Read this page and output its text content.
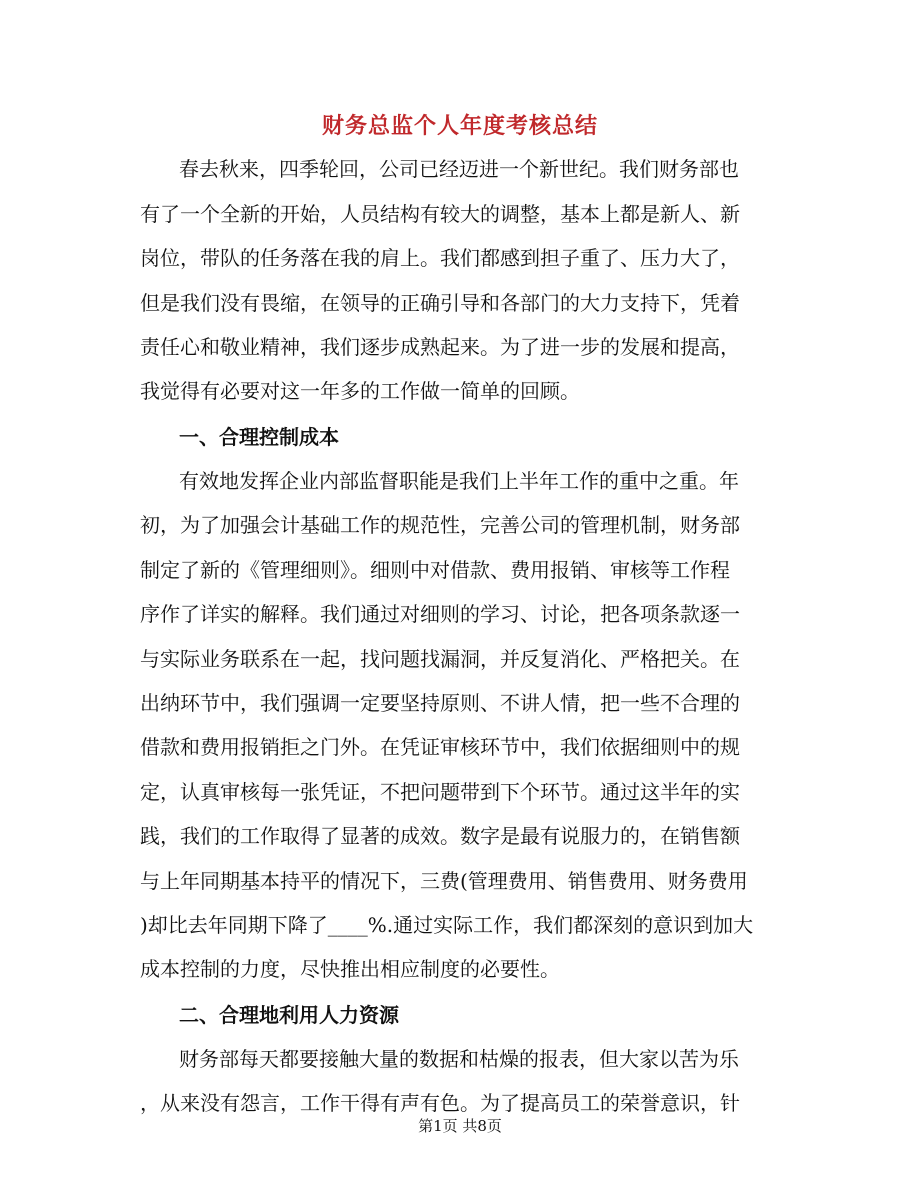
财务总监个人年度考核总结
春去秋来，四季轮回，公司已经迈进一个新世纪。我们财务部也
有了一个全新的开始，人员结构有较大的调整，基本上都是新人、新
岗位，带队的任务落在我的肩上。我们都感到担子重了、压力大了，
但是我们没有畏缩，在领导的正确引导和各部门的大力支持下，凭着
责任心和敬业精神，我们逐步成熟起来。为了进一步的发展和提高，
我觉得有必要对这一年多的工作做一简单的回顾。
一、合理控制成本
有效地发挥企业内部监督职能是我们上半年工作的重中之重。年
初，为了加强会计基础工作的规范性，完善公司的管理机制，财务部
制定了新的《管理细则》。细则中对借款、费用报销、审核等工作程
序作了详实的解释。我们通过对细则的学习、讨论，把各项条款逐一
与实际业务联系在一起，找问题找漏洞，并反复消化、严格把关。在
出纳环节中，我们强调一定要坚持原则、不讲人情，把一些不合理的
借款和费用报销拒之门外。在凭证审核环节中，我们依据细则中的规
定，认真审核每一张凭证，不把问题带到下个环节。通过这半年的实
践，我们的工作取得了显著的成效。数字是最有说服力的，在销售额
与上年同期基本持平的情况下，三费(管理费用、销售费用、财务费用
)却比去年同期下降了____%.通过实际工作，我们都深刻的意识到加大
成本控制的力度，尽快推出相应制度的必要性。
二、合理地利用人力资源
财务部每天都要接触大量的数据和枯燥的报表，但大家以苦为乐
，从来没有怨言，工作干得有声有色。为了提高员工的荣誉意识，针
第1页 共8页
